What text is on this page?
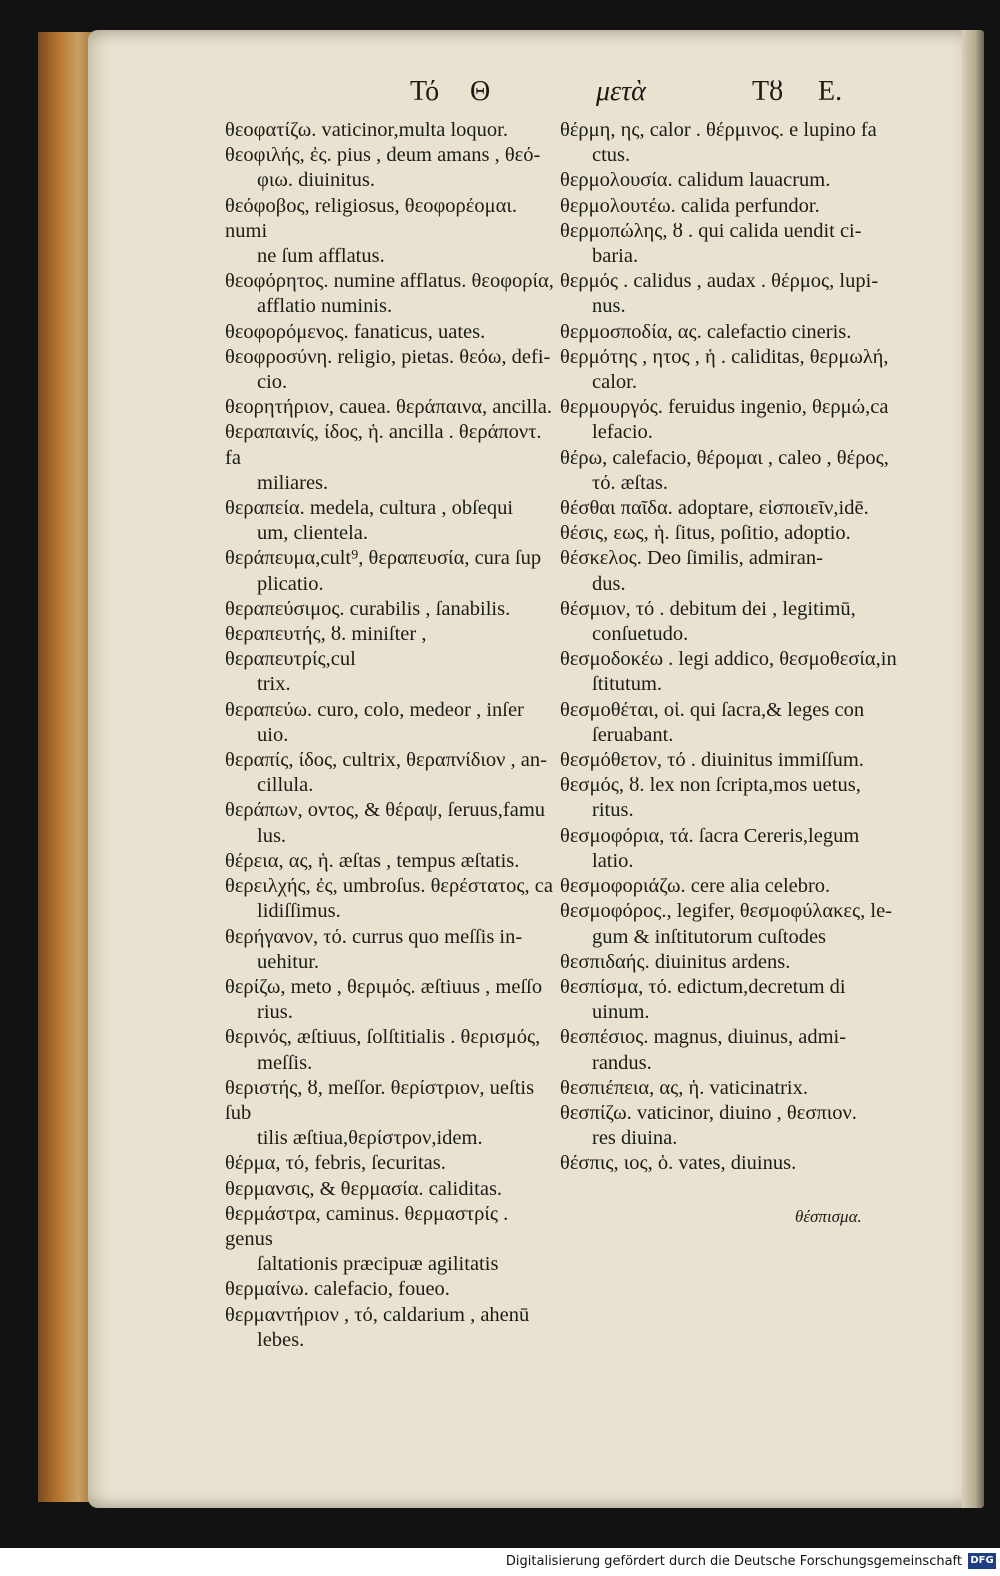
Τό Θ	μετὰ	Τȣ Ε.
θεοφατίζω. vaticinor,multa loquor.
θεοφιλής, ἐς. pius , deum amans , θεό-
φιω. diuinitus.
θεόφοβος, religiosus, θεοφορέομαι. numi
ne ſum afflatus.
θεοφόρητος. numine afflatus. θεοφορία,
afflatio numinis.
θεοφορόμενος. fanaticus, uates.
θεοφροσύνη. religio, pietas. θεόω, defi-
cio.
θεορητήριον, cauea. θεράπαινα, ancilla.
θεραπαινίς, ίδος, ἡ. ancilla . θεράποντ. fa
miliares.
θεραπεία. medela, cultura , obſequi
um, clientela.
θεράπευμα,cult⁹, θεραπευσία, cura ſup
plicatio.
θεραπεύσιμος. curabilis , ſanabilis.
θεραπευτής, ȣ. miniſter , θεραπευτρίς,cul
trix.
θεραπεύω. curo, colo, medeor , inſer
uio.
θεραπίς, ίδος, cultrix, θεραπνίδιον , an-
cillula.
θεράπων, οντος, & θέραψ, ſeruus,famu
lus.
θέρεια, ας, ἡ. æſtas , tempus æſtatis.
θερειλχής, ἐς, umbroſus. θερέστατος, ca
lidiſſimus.
θερήγανον, τό. currus quo meſſis in-
uehitur.
θερίζω, meto , θεριμός. æſtiuus , meſſo
rius.
θερινός, æſtiuus, ſolſtitialis . θερισμός,
meſſis.
θεριστής, ȣ, meſſor. θερίστριον, ueſtis ſub
tilis æſtiua,θερίστρον,idem.
θέρμα, τό, febris, ſecuritas.
θερμανσις, & θερμασία. caliditas.
θερμάστρα, caminus. θερμαστρίς . genus
ſaltationis præcipuæ agilitatis
θερμαίνω. calefacio, foueo.
θερμαντήριον , τό, caldarium , ahenū
lebes.
θέρμη, ης, calor . θέρμινος. e lupino fa
ctus.
θερμολουσία. calidum lauacrum.
θερμολουτέω. calida perfundor.
θερμοπώλης, ȣ . qui calida uendit ci-
baria.
θερμός . calidus , audax . θέρμος, lupi-
nus.
θερμοσποδία, ας. calefactio cineris.
θερμότης , ητος , ἡ . caliditas, θερμωλή,
calor.
θερμουργός. feruidus ingenio, θερμώ,ca
lefacio.
θέρω, calefacio, θέρομαι , caleo , θέρος,
τό. æſtas.
θέσθαι παῖδα. adoptare, εἰσποιεῖν,idē.
θέσις, εως, ἡ. ſitus, poſitio, adoptio.
θέσκελος. Deo ſimilis, admiran-
dus.
θέσμιον, τό . debitum dei , legitimū,
conſuetudo.
θεσμοδοκέω . legi addico, θεσμοθεσία,in
ſtitutum.
θεσμοθέται, οἱ. qui ſacra,& leges con
ſeruabant.
θεσμόθετον, τό . diuinitus immiſſum.
θεσμός, ȣ. lex non ſcripta,mos uetus,
ritus.
θεσμοφόρια, τά. ſacra Cereris,legum
latio.
θεσμοφοριάζω. cere alia celebro.
θεσμοφόρος., legifer, θεσμοφύλακες, le-
gum & inſtitutorum cuſtodes
θεσπιδαής. diuinitus ardens.
θεσπίσμα, τό. edictum,decretum di
uinum.
θεσπέσιος. magnus, diuinus, admi-
randus.
θεσπιέπεια, ας, ἡ. vaticinatrix.
θεσπίζω. vaticinor, diuino , θεσπιον.
res diuina.
θέσπις, ιος, ὁ. vates, diuinus.
θέσπισμα.
Digitalisierung gefördert durch die Deutsche Forschungsgemeinschaft DFG
